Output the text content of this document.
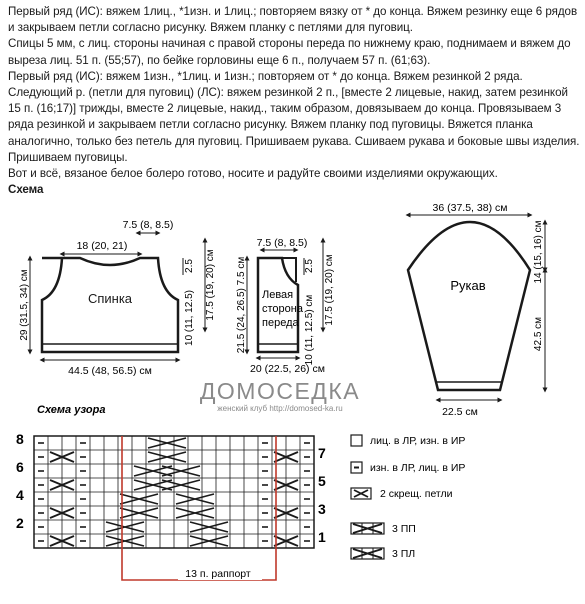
Первый ряд (ИС): вяжем 1лиц., *1изн. и 1лиц.; повторяем вязку от * до конца. Вяжем резинку еще 6 рядов и закрываем петли согласно рисунку. Вяжем планку с петлями для пуговиц.

Спицы 5 мм, с лиц. стороны начиная с правой стороны переда по нижнему краю, поднимаем и вяжем до выреза лиц. 51 п. (55;57), по бейке горловины еще 6 п., получаем 57 п. (61;63).

Первый ряд (ИС): вяжем 1изн., *1лиц. и 1изн.; повторяем от * до конца. Вяжем резинкой 2 ряда. Следующий р. (петли для пуговиц) (ЛС): вяжем резинкой 2 п., [вместе 2 лицевые, накид, затем резинкой 15 п. (16;17)] трижды, вместе 2 лицевые, накид., таким образом, довязываем до конца. Провязываем 3 ряда резинкой и закрываем петли согласно рисунку. Вяжем планку под пуговицы. Вяжется планка аналогично, только без петель для пуговиц. Пришиваем рукава. Сшиваем рукава и боковые швы изделия. Пришиваем пуговицы.

Вот и всё, вязаное белое болеро готово, носите и радуйте своими изделиями окружающих.

Схема

Спинка
7.5 (8, 8.5)
18 (20, 21)
2.5 17.5 (19, 20) см
10 (11, 12.5)
29 (31.5, 34) см
44.5 (48, 56.5) см
Левая
сторона
переда
7.5 (8, 8.5)
21.5 (24, 26.5) 7.5 см	2.5 17.5 (19, 20) см
10 (11, 12.5) см
20 (22.5, 26) см
Рукав
36 (37.5, 38) см
14 (15, 16) см
42.5 см
22.5 см
ДОМОСЕДКА
женский клуб http://domosed-ka.ru
Схема узора
8
6
4
2
7
5
3
1
13 п. раппорт
лиц. в ЛР, изн. в ИР
изн. в ЛР, лиц. в ИР
2 скрещ. петли
3 ПП
3 ПЛ
